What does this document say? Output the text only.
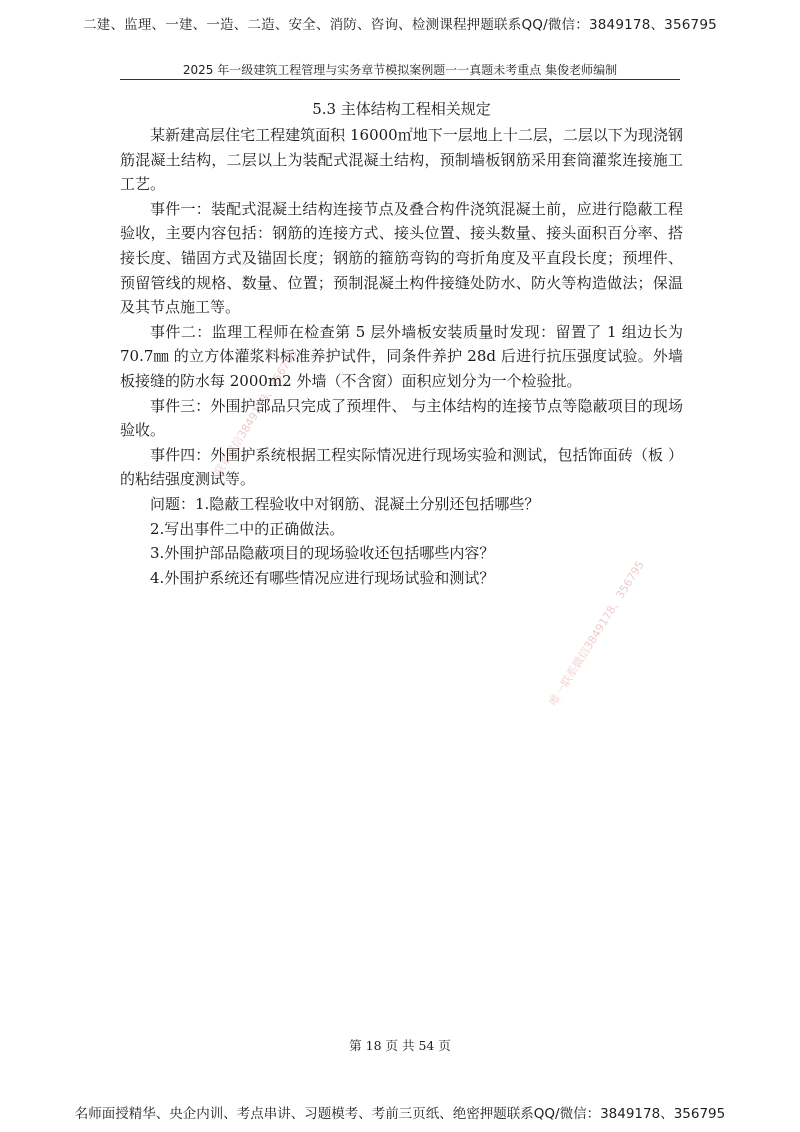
二建、监理、一建、一造、二造、安全、消防、咨询、检测课程押题联系QQ/微信：3849178、356795
2025 年一级建筑工程管理与实务章节模拟案例题一一真题未考重点 集俊老师编制
唯一联系微信3849178、356795
联系微信3849178、356795
5.3 主体结构工程相关规定

某新建高层住宅工程建筑面积 16000㎡地下一层地上十二层，二层以下为现浇钢筋混凝土结构，二层以上为装配式混凝土结构，预制墙板钢筋采用套筒灌浆连接施工工艺。

事件一：装配式混凝土结构连接节点及叠合构件浇筑混凝土前，应进行隐蔽工程验收，主要内容包括：钢筋的连接方式、接头位置、接头数量、接头面积百分率、搭接长度、锚固方式及锚固长度；钢筋的箍筋弯钩的弯折角度及平直段长度；预埋件、预留管线的规格、数量、位置；预制混凝土构件接缝处防水、防火等构造做法；保温及其节点施工等。

事件二：监理工程师在检查第 5 层外墙板安装质量时发现：留置了 1 组边长为 70.7㎜ 的立方体灌浆料标准养护试件，同条件养护 28d 后进行抗压强度试验。外墙板接缝的防水每 2000m2 外墙（不含窗）面积应划分为一个检验批。

事件三：外围护部品只完成了预埋件、 与主体结构的连接节点等隐蔽项目的现场验收。

事件四：外围护系统根据工程实际情况进行现场实验和测试，包括饰面砖（板 ）的粘结强度测试等。

问题：1.隐蔽工程验收中对钢筋、混凝土分别还包括哪些？

2.写出事件二中的正确做法。

3.外围护部品隐蔽项目的现场验收还包括哪些内容？

4.外围护系统还有哪些情况应进行现场试验和测试？

第 18 页 共 54 页
名师面授精华、央企内训、考点串讲、习题模考、考前三页纸、绝密押题联系QQ/微信：3849178、356795
